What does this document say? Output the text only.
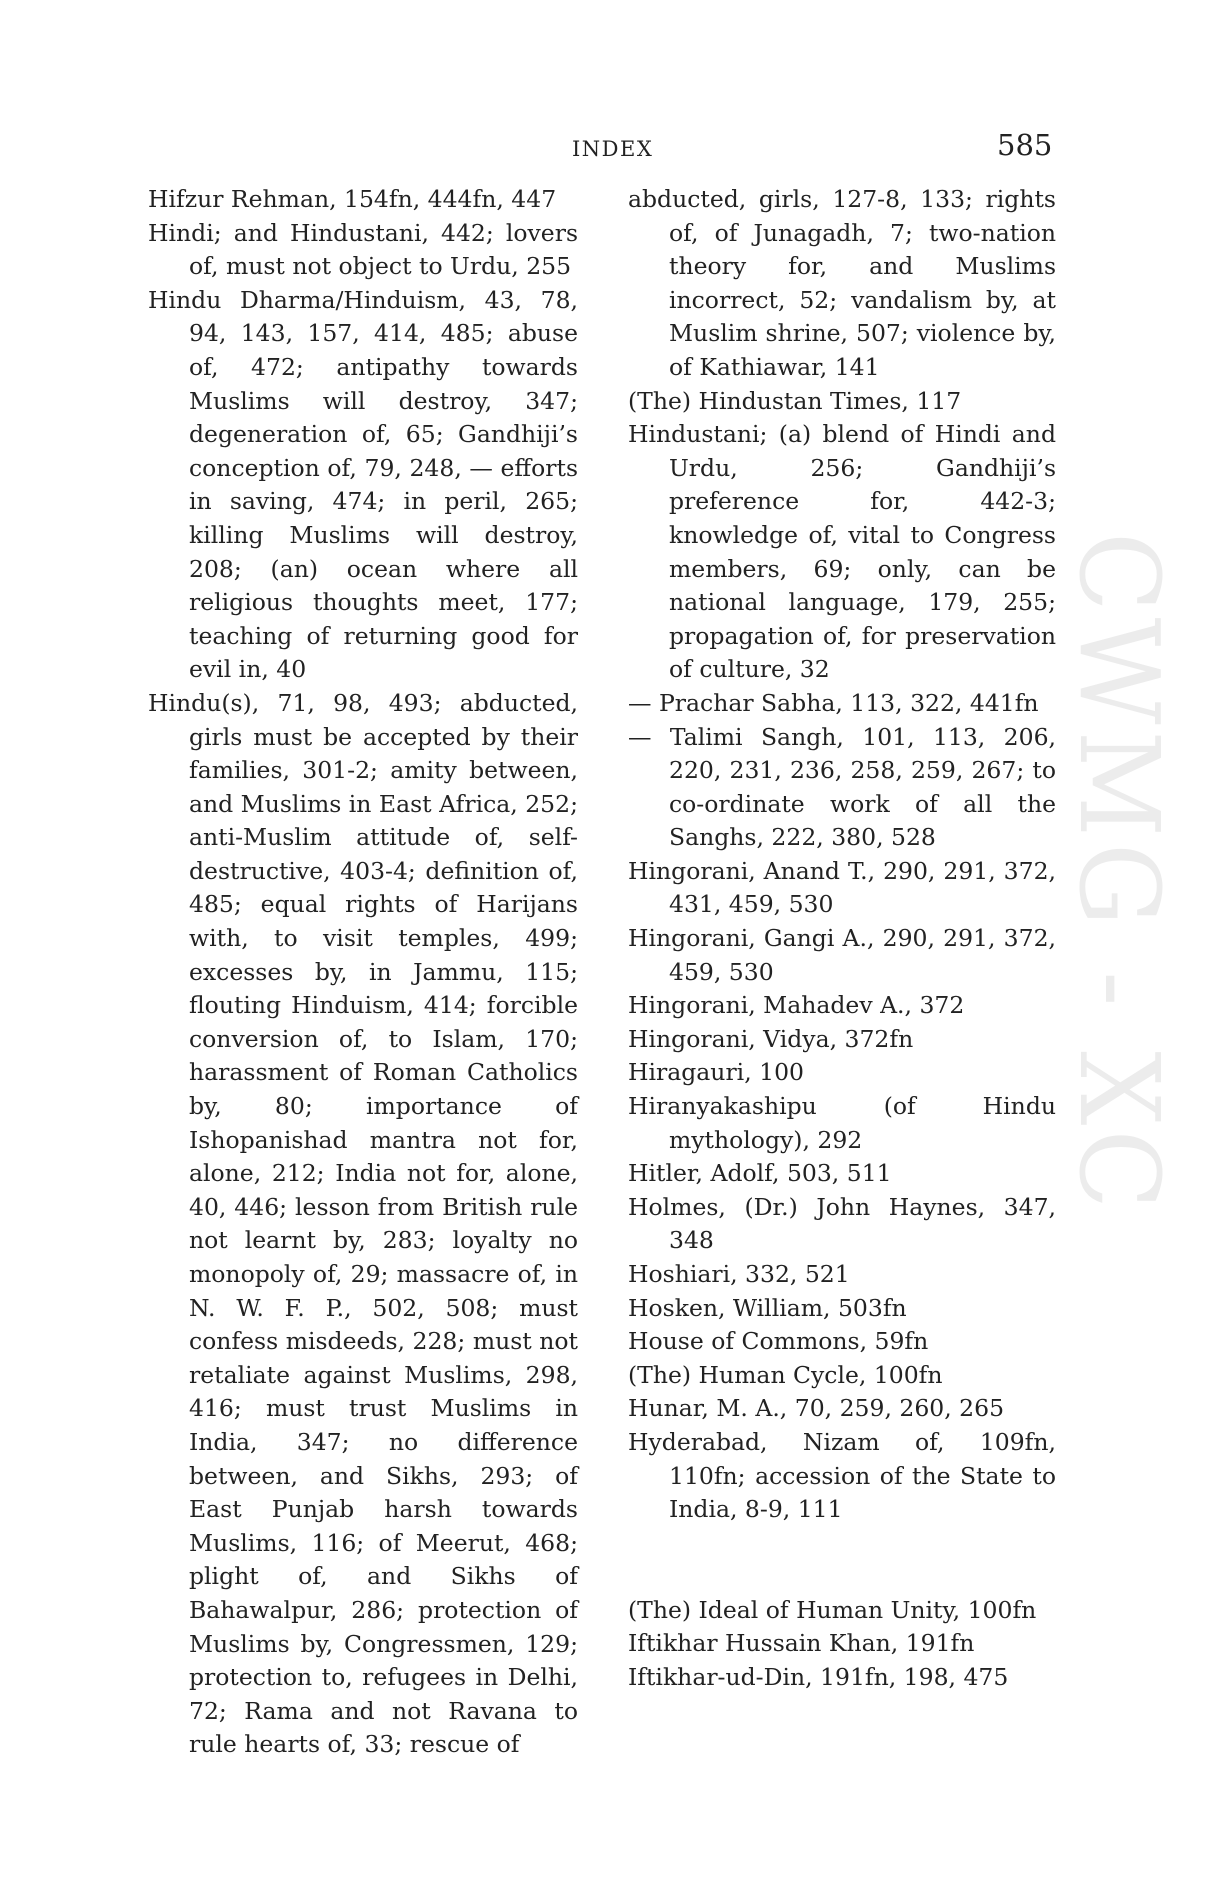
INDEX	585
CWMG - XC
Hifzur Rehman, 154fn, 444fn, 447
Hindi; and Hindustani, 442; lovers of, must not object to Urdu, 255
Hindu Dharma/Hinduism, 43, 78, 94, 143, 157, 414, 485; abuse of, 472; antipathy towards Muslims will destroy, 347; degeneration of, 65; Gandhiji’s conception of, 79, 248, — efforts in saving, 474; in peril, 265; killing Muslims will destroy, 208; (an) ocean where all religious thoughts meet, 177; teaching of returning good for evil in, 40
Hindu(s), 71, 98, 493; abducted, girls must be accepted by their families, 301-2; amity between, and Muslims in East Africa, 252; anti-Muslim attitude of, self-destructive, 403-4; definition of, 485; equal rights of Harijans with, to visit temples, 499; excesses by, in Jammu, 115; flouting Hinduism, 414; forcible conversion of, to Islam, 170; harassment of Roman Catholics by, 80; importance of Ishopanishad mantra not for, alone, 212; India not for, alone, 40, 446; lesson from British rule not learnt by, 283; loyalty no monopoly of, 29; massacre of, in N. W. F. P., 502, 508; must confess misdeeds, 228; must not retaliate against Muslims, 298, 416; must trust Muslims in India, 347; no difference between, and Sikhs, 293; of East Punjab harsh towards Muslims, 116; of Meerut, 468; plight of, and Sikhs of Bahawalpur, 286; protection of Muslims by, Congressmen, 129; protection to, refugees in Delhi, 72; Rama and not Ravana to rule hearts of, 33; rescue of
abducted, girls, 127-8, 133; rights of, of Junagadh, 7; two-nation theory for, and Muslims incorrect, 52; vandalism by, at Muslim shrine, 507; violence by, of Kathiawar, 141
(The) Hindustan Times, 117
Hindustani; (a) blend of Hindi and Urdu, 256; Gandhiji’s preference for, 442-3; knowledge of, vital to Congress members, 69; only, can be national language, 179, 255; propagation of, for preservation of culture, 32
— Prachar Sabha, 113, 322, 441fn
— Talimi Sangh, 101, 113, 206, 220, 231, 236, 258, 259, 267; to co-ordinate work of all the Sanghs, 222, 380, 528
Hingorani, Anand T., 290, 291, 372, 431, 459, 530
Hingorani, Gangi A., 290, 291, 372, 459, 530
Hingorani, Mahadev A., 372
Hingorani, Vidya, 372fn
Hiragauri, 100
Hiranyakashipu (of Hindu mythology), 292
Hitler, Adolf, 503, 511
Holmes, (Dr.) John Haynes, 347, 348
Hoshiari, 332, 521
Hosken, William, 503fn
House of Commons, 59fn
(The) Human Cycle, 100fn
Hunar, M. A., 70, 259, 260, 265
Hyderabad, Nizam of, 109fn, 110fn; accession of the State to India, 8-9, 111
(The) Ideal of Human Unity, 100fn
Iftikhar Hussain Khan, 191fn
Iftikhar-ud-Din, 191fn, 198, 475
